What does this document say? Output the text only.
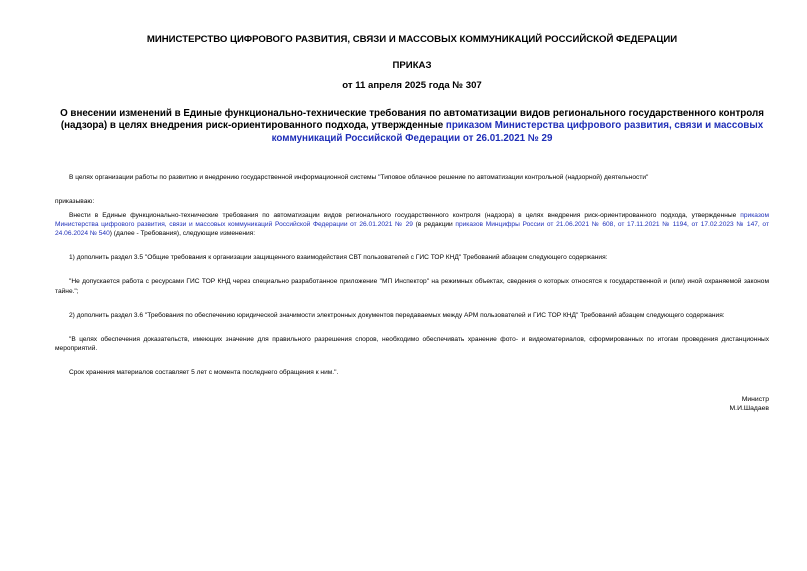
МИНИСТЕРСТВО ЦИФРОВОГО РАЗВИТИЯ, СВЯЗИ И МАССОВЫХ КОММУНИКАЦИЙ РОССИЙСКОЙ ФЕДЕРАЦИИ

ПРИКАЗ

от 11 апреля 2025 года № 307

О внесении изменений в Единые функционально-технические требования по автоматизации видов регионального государственного контроля (надзора) в целях внедрения риск-ориентированного подхода, утвержденные приказом Министерства цифрового развития, связи и массовых коммуникаций Российской Федерации от 26.01.2021 № 29

В целях организации работы по развитию и внедрению государственной информационной системы "Типовое облачное решение по автоматизации контрольной (надзорной) деятельности"

приказываю:

Внести в Единые функционально-технические требования по автоматизации видов регионального государственного контроля (надзора) в целях внедрения риск-ориентированного подхода, утвержденные приказом Министерства цифрового развития, связи и массовых коммуникаций Российской Федерации от 26.01.2021 № 29 (в редакции приказов Минцифры России от 21.06.2021 № 608, от 17.11.2021 № 1194, от 17.02.2023 № 147, от 24.06.2024 № 540) (далее - Требования), следующие изменения:

1) дополнить раздел 3.5 "Общие требования к организации защищенного взаимодействия СВТ пользователей с ГИС ТОР КНД" Требований абзацем следующего содержания:

"Не допускается работа с ресурсами ГИС ТОР КНД через специально разработанное приложение "МП Инспектор" на режимных объектах, сведения о которых относятся к государственной и (или) иной охраняемой законом тайне.";

2) дополнить раздел 3.6 "Требования по обеспечению юридической значимости электронных документов передаваемых между АРМ пользователей и ГИС ТОР КНД" Требований абзацем следующего содержания:

"В целях обеспечения доказательств, имеющих значение для правильного разрешения споров, необходимо обеспечивать хранение фото- и видеоматериалов, сформированных по итогам проведения дистанционных мероприятий.

Срок хранения материалов составляет 5 лет с момента последнего обращения к ним.".

Министр
М.И.Шадаев
